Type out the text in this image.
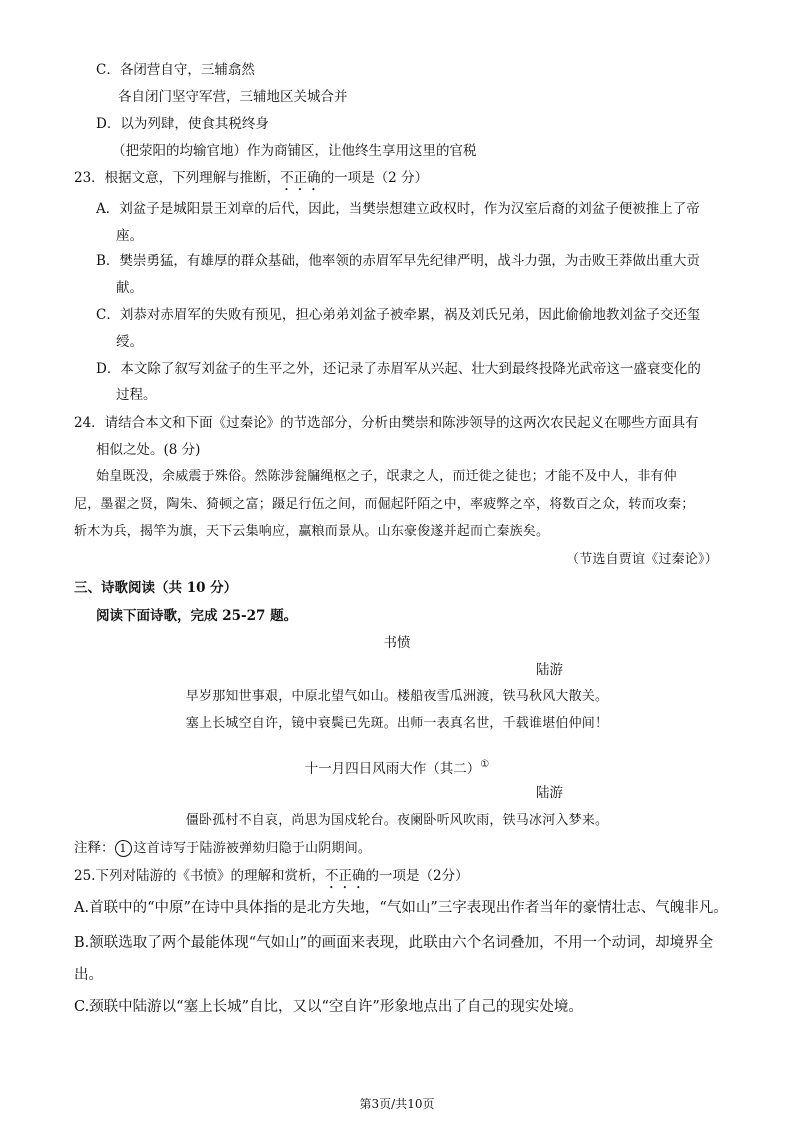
C．各闭营自守，三辅翕然
各自闭门坚守军营，三辅地区关城合并
D．以为列肆，使食其税终身
（把荥阳的均输官地）作为商铺区，让他终生享用这里的官税
23．根据文意，下列理解与推断，不正确的一项是（2 分）
A．刘盆子是城阳景王刘章的后代，因此，当樊崇想建立政权时，作为汉室后裔的刘盆子便被推上了帝
座。
B．樊崇勇猛，有雄厚的群众基础，他率领的赤眉军早先纪律严明，战斗力强，为击败王莽做出重大贡
献。
C．刘恭对赤眉军的失败有预见，担心弟弟刘盆子被牵累，祸及刘氏兄弟，因此偷偷地教刘盆子交还玺
绶。
D．本文除了叙写刘盆子的生平之外，还记录了赤眉军从兴起、壮大到最终投降光武帝这一盛衰变化的
过程。
24．请结合本文和下面《过秦论》的节选部分，分析由樊崇和陈涉领导的这两次农民起义在哪些方面具有
相似之处。(8 分)
始皇既没，余威震于殊俗。然陈涉瓮牖绳枢之子，氓隶之人，而迁徙之徒也；才能不及中人，非有仲
尼，墨翟之贤，陶朱、猗顿之富；蹑足行伍之间，而倔起阡陌之中，率疲弊之卒，将数百之众，转而攻秦；
斩木为兵，揭竿为旗，天下云集响应，赢粮而景从。山东豪俊遂并起而亡秦族矣。
（节选自贾谊《过秦论》）
三、诗歌阅读（共 10 分）
阅读下面诗歌，完成 25-27 题。
书愤
陆游
早岁那知世事艰，中原北望气如山。楼船夜雪瓜洲渡，铁马秋风大散关。
塞上长城空自许，镜中衰鬓已先斑。出师一表真名世，千载谁堪伯仲间！
十一月四日风雨大作（其二）①
陆游
僵卧孤村不自哀，尚思为国戍轮台。夜阑卧听风吹雨，铁马冰河入梦来。
注释： 1 这首诗写于陆游被弹劾归隐于山阴期间。
25.下列对陆游的《书愤》的理解和赏析，不正确的一项是（2分）
A.首联中的“中原”在诗中具体指的是北方失地，“气如山”三字表现出作者当年的豪情壮志、气魄非凡。
B.颔联选取了两个最能体现“气如山”的画面来表现，此联由六个名词叠加，不用一个动词，却境界全
出。
C.颈联中陆游以“塞上长城”自比，又以“空自许”形象地点出了自己的现实处境。
第3页/共10页
